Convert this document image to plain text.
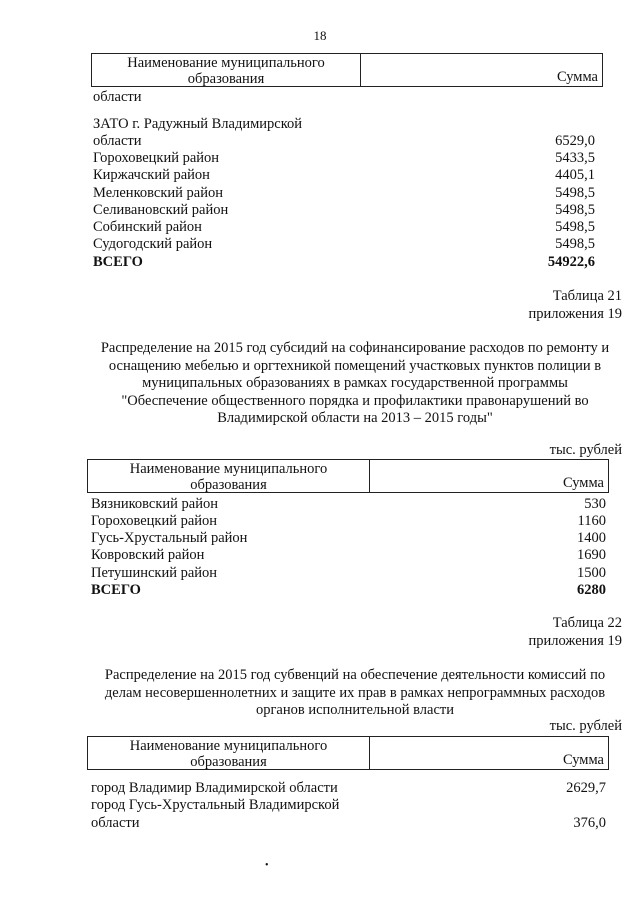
18
Наименование муниципального
образования	Сумма
области
ЗАТО г. Радужный Владимирской
области	6529,0
Гороховецкий район	5433,5
Киржачский район	4405,1
Меленковский район	5498,5
Селивановский район	5498,5
Собинский район	5498,5
Судогодский район	5498,5
ВСЕГО	54922,6
Таблица 21
приложения 19
Распределение на 2015 год субсидий на софинансирование расходов по ремонту и
оснащению мебелью и оргтехникой помещений участковых пунктов полиции в
муниципальных образованиях в рамках государственной программы
"Обеспечение общественного порядка и профилактики правонарушений во
Владимирской области на 2013 – 2015 годы"
тыс. рублей
Наименование муниципального
образования	Сумма
Вязниковский район	530
Гороховецкий район	1160
Гусь-Хрустальный район	1400
Ковровский район	1690
Петушинский район	1500
ВСЕГО	6280
Таблица 22
приложения 19
Распределение на 2015 год субвенций на обеспечение деятельности комиссий по
делам несовершеннолетних и защите их прав в рамках непрограммных расходов
органов исполнительной власти
тыс. рублей
Наименование муниципального
образования	Сумма
город Владимир Владимирской области	2629,7
город Гусь-Хрустальный Владимирской
области	376,0
•
